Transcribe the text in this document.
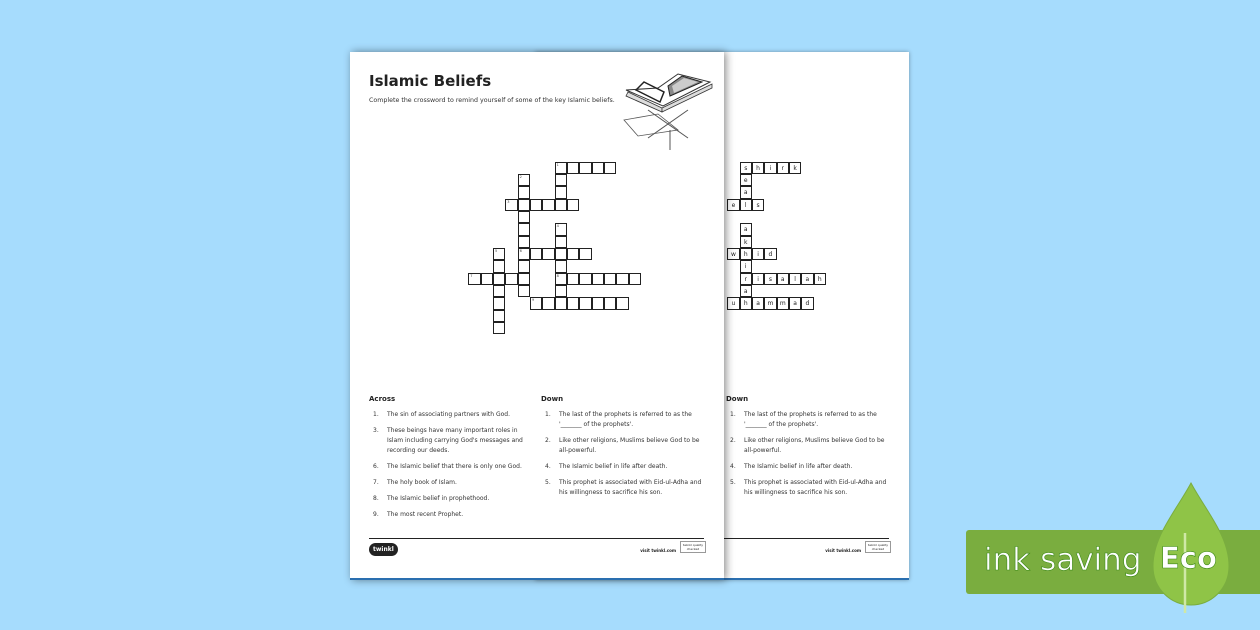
s	h	i	r	k
e
a
l
e	s
a
k
h
i
r
a
h
w	i	d
i	s	a	l	a	h
u	a	m	m	a	d
Down
1.	The last of the prophets is referred to as the '_______ of the prophets'.
2.	Like other religions, Muslims believe God to be all-powerful.
4.	The Islamic belief in life after death.
5.	This prophet is associated with Eid-ul-Adha and his willingness to sacrifice his son.
visit twinkl.com
twinkl quality checked
Islamic Beliefs
Complete the crossword to remind yourself of some of the key Islamic beliefs.
1
2
6
3
4
8
5
7
9
Across
1.	The sin of associating partners with God.
3.	These beings have many important roles in Islam including carrying God's messages and recording our deeds.
6.	The Islamic belief that there is only one God.
7.	The holy book of Islam.
8.	The Islamic belief in prophethood.
9.	The most recent Prophet.
Down
1.	The last of the prophets is referred to as the '_______ of the prophets'.
2.	Like other religions, Muslims believe God to be all-powerful.
4.	The Islamic belief in life after death.
5.	This prophet is associated with Eid-ul-Adha and his willingness to sacrifice his son.
twinkl	visit twinkl.com
twinkl quality checked	ink saving Eco
